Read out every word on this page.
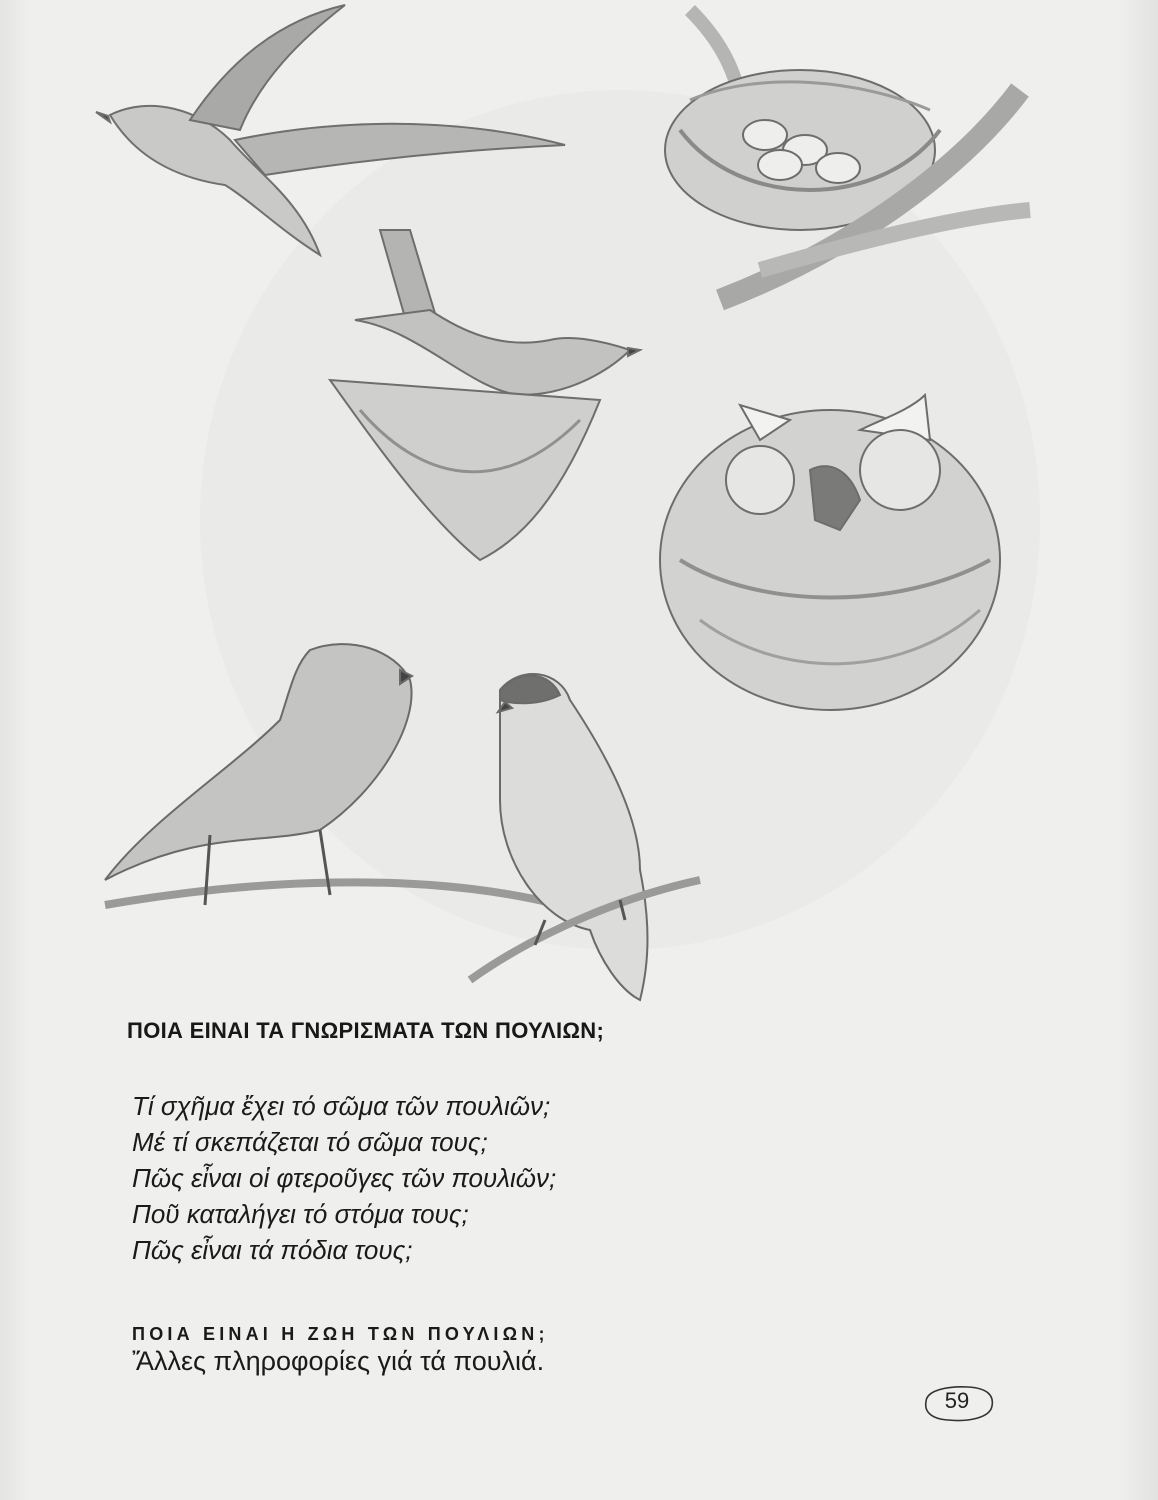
ΠΟΙΑ ΕΙΝΑΙ ΤΑ ΓΝΩΡΙΣΜΑΤΑ ΤΩΝ ΠΟΥΛΙΩΝ;
Τί σχῆμα ἔχει τό σῶμα τῶν πουλιῶν;
Μέ τί σκεπάζεται τό σῶμα τους;
Πῶς εἶναι οἱ φτεροῦγες τῶν πουλιῶν;
Ποῦ καταλήγει τό στόμα τους;
Πῶς εἶναι τά πόδια τους;
ΠΟΙΑ ΕΙΝΑΙ Η ΖΩΗ ΤΩΝ ΠΟΥΛΙΩΝ;
Ἄλλες πληροφορίες γιά τά πουλιά.
59
